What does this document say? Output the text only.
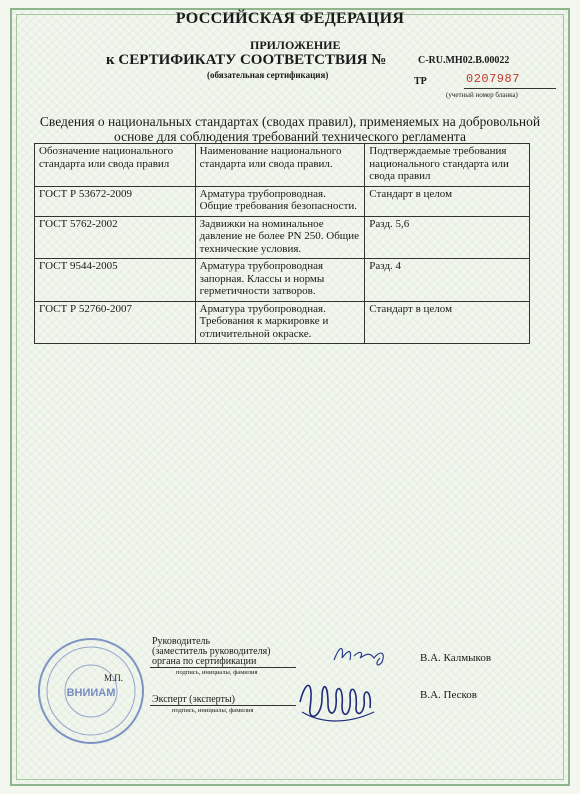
РОССИЙСКАЯ ФЕДЕРАЦИЯ
ПРИЛОЖЕНИЕ
к СЕРТИФИКАТУ СООТВЕТСТВИЯ №	C-RU.МН02.В.00022
(обязательная сертификация)
ТР	0207987
(учетный номер бланка)
Сведения о национальных стандартах (сводах правил), применяемых на добровольной основе для соблюдения требований технического регламента
Обозначение национального стандарта или свода правил	Наименование национального стандарта или свода правил.	Подтверждаемые требования национального стандарта или свода правил
ГОСТ Р 53672-2009	Арматура трубопроводная. Общие требования безопасности.	Стандарт в целом
ГОСТ 5762-2002	Задвижки на номинальное давление не более PN 250. Общие технические условия.	Разд. 5,6
ГОСТ 9544-2005	Арматура трубопроводная запорная. Классы и нормы герметичности затворов.	Разд. 4
ГОСТ Р 52760-2007	Арматура трубопроводная. Требования к маркировке и отличительной окраске.	Стандарт в целом
Руководитель
(заместитель руководителя)
органа по сертификации
подпись, инициалы, фамилия
В.А. Калмыков
Эксперт (эксперты)
подпись, инициалы, фамилия
В.А. Песков
ВНИИАМ
М.П.
